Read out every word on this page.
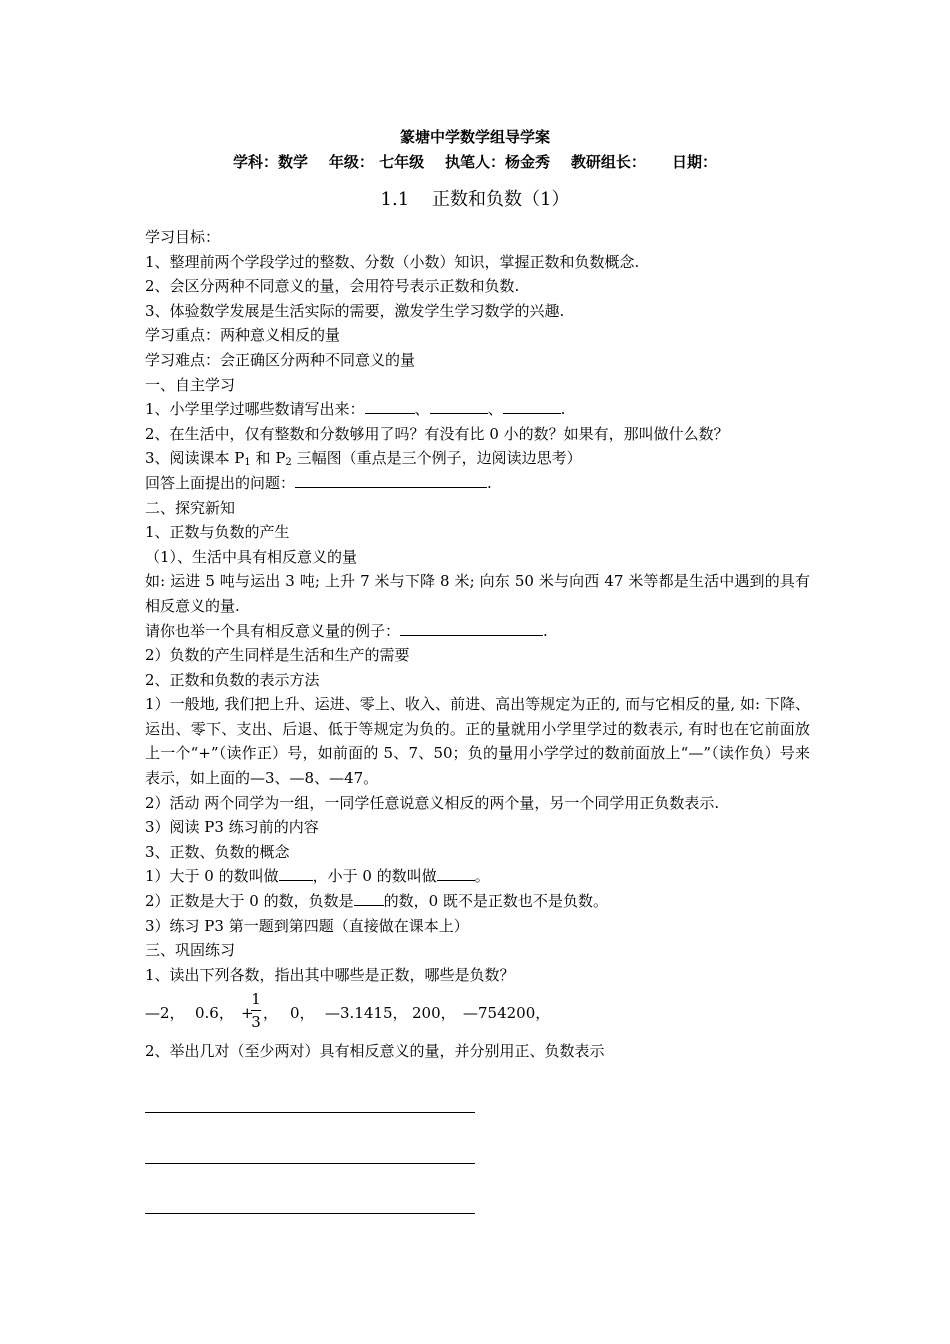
篆塘中学数学组导学案
学科：数学    年级： 七年级    执笔人：杨金秀    教研组长：     日期：
1.1    正数和负数（1）
学习目标：
1、整理前两个学段学过的整数、分数（小数）知识，掌握正数和负数概念.
2、会区分两种不同意义的量，会用符号表示正数和负数.
3、体验数学发展是生活实际的需要，激发学生学习数学的兴趣.
学习重点：两种意义相反的量
学习难点：会正确区分两种不同意义的量
一、自主学习
1、小学里学过哪些数请写出来：	、	、	.
2、在生活中，仅有整数和分数够用了吗？有没有比 0 小的数？如果有，那叫做什么数？
3、阅读课本 $P_1$ 和 $P_2$ 三幅图（重点是三个例子，边阅读边思考）
回答上面提出的问题：	.
二、探究新知
1、正数与负数的产生
（1）、生活中具有相反意义的量
如: 运进 5 吨与运出 3 吨; 上升 7 米与下降 8 米; 向东 50 米与向西 47 米等都是生活中遇到的具有相反意义的量.
请你也举一个具有相反意义量的例子：	.
2）负数的产生同样是生活和生产的需要
2、正数和负数的表示方法
1）一般地, 我们把上升、运进、零上、收入、前进、高出等规定为正的, 而与它相反的量, 如: 下降、运出、零下、支出、后退、低于等规定为负的。正的量就用小学里学过的数表示, 有时也在它前面放上一个“+”（读作正）号，如前面的 5、7、50；负的量用小学学过的数前面放上“—”（读作负）号来表示，如上面的—3、—8、—47。
2）活动 两个同学为一组，一同学任意说意义相反的两个量，另一个同学用正负数表示.
3）阅读 P3 练习前的内容
3、正数、负数的概念
1）大于 0 的数叫做 ，小于 0 的数叫做	。
2）正数是大于 0 的数，负数是 的数，0 既不是正数也不是负数。
3）练习 P3 第一题到第四题（直接做在课本上）
三、巩固练习
1、读出下列各数，指出其中哪些是正数，哪些是负数？
—2， 0.6， +
1
3 ， 0， —3.1415， 200， —754200，
2、举出几对（至少两对）具有相反意义的量，并分别用正、负数表示
